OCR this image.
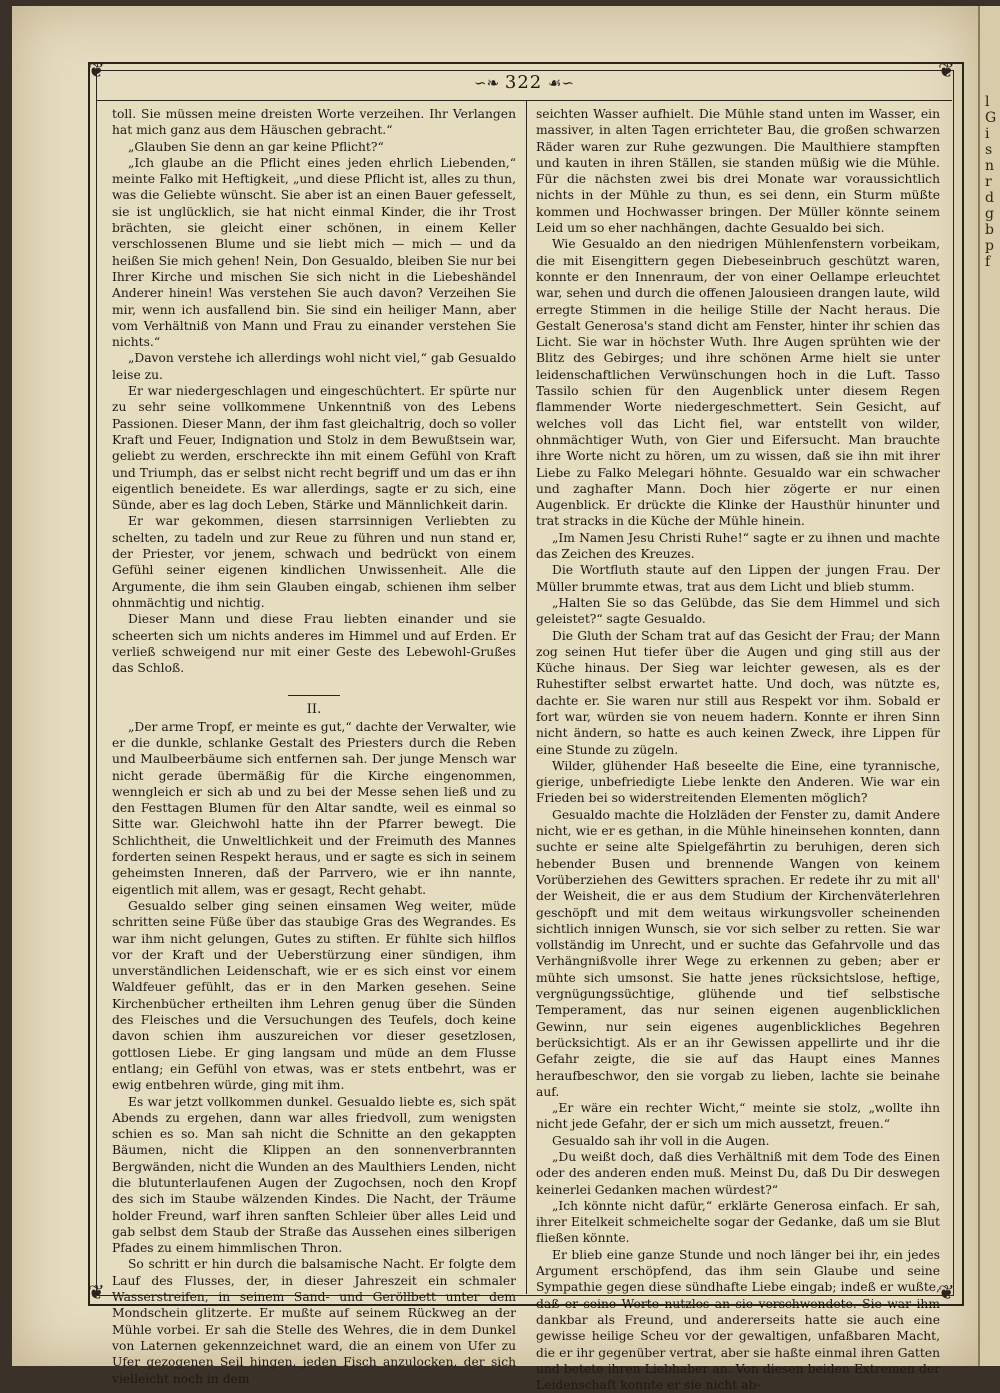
l
G
i
s
n
r
d
g
b
p
f
❦	❦
❦	❦
∽❧ 322 ☙∽

toll. Sie müssen meine dreisten Worte verzeihen. Ihr Verlangen hat mich ganz aus dem Häuschen gebracht.“

„Glauben Sie denn an gar keine Pflicht?“

„Ich glaube an die Pflicht eines jeden ehrlich Liebenden,“ meinte Falko mit Heftigkeit, „und diese Pflicht ist, alles zu thun, was die Geliebte wünscht. Sie aber ist an einen Bauer gefesselt, sie ist unglücklich, sie hat nicht einmal Kinder, die ihr Trost brächten, sie gleicht einer schönen, in einem Keller verschlossenen Blume und sie liebt mich — mich — und da heißen Sie mich gehen! Nein, Don Gesualdo, bleiben Sie nur bei Ihrer Kirche und mischen Sie sich nicht in die Liebeshändel Anderer hinein! Was verstehen Sie auch davon? Verzeihen Sie mir, wenn ich ausfallend bin. Sie sind ein heiliger Mann, aber vom Verhältniß von Mann und Frau zu einander verstehen Sie nichts.“

„Davon verstehe ich allerdings wohl nicht viel,“ gab Gesualdo leise zu.

Er war niedergeschlagen und eingeschüchtert. Er spürte nur zu sehr seine vollkommene Unkenntniß von des Lebens Passionen. Dieser Mann, der ihm fast gleichaltrig, doch so voller Kraft und Feuer, Indignation und Stolz in dem Bewußtsein war, geliebt zu werden, erschreckte ihn mit einem Gefühl von Kraft und Triumph, das er selbst nicht recht begriff und um das er ihn eigentlich beneidete. Es war allerdings, sagte er zu sich, eine Sünde, aber es lag doch Leben, Stärke und Männlichkeit darin.

Er war gekommen, diesen starrsinnigen Verliebten zu schelten, zu tadeln und zur Reue zu führen und nun stand er, der Priester, vor jenem, schwach und bedrückt von einem Gefühl seiner eigenen kindlichen Unwissenheit. Alle die Argumente, die ihm sein Glauben eingab, schienen ihm selber ohnmächtig und nichtig.

Dieser Mann und diese Frau liebten einander und sie scheerten sich um nichts anderes im Himmel und auf Erden. Er verließ schweigend nur mit einer Geste des Lebewohl-Grußes das Schloß.

II.

„Der arme Tropf, er meinte es gut,“ dachte der Verwalter, wie er die dunkle, schlanke Gestalt des Priesters durch die Reben und Maulbeerbäume sich entfernen sah. Der junge Mensch war nicht gerade übermäßig für die Kirche eingenommen, wenngleich er sich ab und zu bei der Messe sehen ließ und zu den Festtagen Blumen für den Altar sandte, weil es einmal so Sitte war. Gleichwohl hatte ihn der Pfarrer bewegt. Die Schlichtheit, die Unweltlichkeit und der Freimuth des Mannes forderten seinen Respekt heraus, und er sagte es sich in seinem geheimsten Inneren, daß der Parrvero, wie er ihn nannte, eigentlich mit allem, was er gesagt, Recht gehabt.

Gesualdo selber ging seinen einsamen Weg weiter, müde schritten seine Füße über das staubige Gras des Wegrandes. Es war ihm nicht gelungen, Gutes zu stiften. Er fühlte sich hilflos vor der Kraft und der Ueberstürzung einer sündigen, ihm unverständlichen Leidenschaft, wie er es sich einst vor einem Waldfeuer gefühlt, das er in den Marken gesehen. Seine Kirchenbücher ertheilten ihm Lehren genug über die Sünden des Fleisches und die Versuchungen des Teufels, doch keine davon schien ihm auszureichen vor dieser gesetzlosen, gottlosen Liebe. Er ging langsam und müde an dem Flusse entlang; ein Gefühl von etwas, was er stets entbehrt, was er ewig entbehren würde, ging mit ihm.

Es war jetzt vollkommen dunkel. Gesualdo liebte es, sich spät Abends zu ergehen, dann war alles friedvoll, zum wenigsten schien es so. Man sah nicht die Schnitte an den gekappten Bäumen, nicht die Klippen an den sonnenverbrannten Bergwänden, nicht die Wunden an des Maulthiers Lenden, nicht die blutunterlaufenen Augen der Zugochsen, noch den Kropf des sich im Staube wälzenden Kindes. Die Nacht, der Träume holder Freund, warf ihren sanften Schleier über alles Leid und gab selbst dem Staub der Straße das Aussehen eines silberigen Pfades zu einem himmlischen Thron.

So schritt er hin durch die balsamische Nacht. Er folgte dem Lauf des Flusses, der, in dieser Jahreszeit ein schmaler Wasserstreifen, in seinem Sand- und Geröllbett unter dem Mondschein glitzerte. Er mußte auf seinem Rückweg an der Mühle vorbei. Er sah die Stelle des Wehres, die in dem Dunkel von Laternen gekennzeichnet ward, die an einem von Ufer zu Ufer gezogenen Seil hingen, jeden Fisch anzulocken, der sich vielleicht noch in dem

seichten Wasser aufhielt. Die Mühle stand unten im Wasser, ein massiver, in alten Tagen errichteter Bau, die großen schwarzen Räder waren zur Ruhe gezwungen. Die Maulthiere stampften und kauten in ihren Ställen, sie standen müßig wie die Mühle. Für die nächsten zwei bis drei Monate war voraussichtlich nichts in der Mühle zu thun, es sei denn, ein Sturm müßte kommen und Hochwasser bringen. Der Müller könnte seinem Leid um so eher nachhängen, dachte Gesualdo bei sich.

Wie Gesualdo an den niedrigen Mühlenfenstern vorbeikam, die mit Eisengittern gegen Diebeseinbruch geschützt waren, konnte er den Innenraum, der von einer Oellampe erleuchtet war, sehen und durch die offenen Jalousieen drangen laute, wild erregte Stimmen in die heilige Stille der Nacht heraus. Die Gestalt Generosa's stand dicht am Fenster, hinter ihr schien das Licht. Sie war in höchster Wuth. Ihre Augen sprühten wie der Blitz des Gebirges; und ihre schönen Arme hielt sie unter leidenschaftlichen Verwünschungen hoch in die Luft. Tasso Tassilo schien für den Augenblick unter diesem Regen flammender Worte niedergeschmettert. Sein Gesicht, auf welches voll das Licht fiel, war entstellt von wilder, ohnmächtiger Wuth, von Gier und Eifersucht. Man brauchte ihre Worte nicht zu hören, um zu wissen, daß sie ihn mit ihrer Liebe zu Falko Melegari höhnte. Gesualdo war ein schwacher und zaghafter Mann. Doch hier zögerte er nur einen Augenblick. Er drückte die Klinke der Hausthür hinunter und trat stracks in die Küche der Mühle hinein.

„Im Namen Jesu Christi Ruhe!“ sagte er zu ihnen und machte das Zeichen des Kreuzes.

Die Wortfluth staute auf den Lippen der jungen Frau. Der Müller brummte etwas, trat aus dem Licht und blieb stumm.

„Halten Sie so das Gelübde, das Sie dem Himmel und sich geleistet?“ sagte Gesualdo.

Die Gluth der Scham trat auf das Gesicht der Frau; der Mann zog seinen Hut tiefer über die Augen und ging still aus der Küche hinaus. Der Sieg war leichter gewesen, als es der Ruhestifter selbst erwartet hatte. Und doch, was nützte es, dachte er. Sie waren nur still aus Respekt vor ihm. Sobald er fort war, würden sie von neuem hadern. Konnte er ihren Sinn nicht ändern, so hatte es auch keinen Zweck, ihre Lippen für eine Stunde zu zügeln.

Wilder, glühender Haß beseelte die Eine, eine tyrannische, gierige, unbefriedigte Liebe lenkte den Anderen. Wie war ein Frieden bei so widerstreitenden Elementen möglich?

Gesualdo machte die Holzläden der Fenster zu, damit Andere nicht, wie er es gethan, in die Mühle hineinsehen konnten, dann suchte er seine alte Spielgefährtin zu beruhigen, deren sich hebender Busen und brennende Wangen von keinem Vorüberziehen des Gewitters sprachen. Er redete ihr zu mit all' der Weisheit, die er aus dem Studium der Kirchenväterlehren geschöpft und mit dem weitaus wirkungsvoller scheinenden sichtlich innigen Wunsch, sie vor sich selber zu retten. Sie war vollständig im Unrecht, und er suchte das Gefahrvolle und das Verhängnißvolle ihrer Wege zu erkennen zu geben; aber er mühte sich umsonst. Sie hatte jenes rücksichtslose, heftige, vergnügungssüchtige, glühende und tief selbstische Temperament, das nur seinen eigenen augenblicklichen Gewinn, nur sein eigenes augenblickliches Begehren berücksichtigt. Als er an ihr Gewissen appellirte und ihr die Gefahr zeigte, die sie auf das Haupt eines Mannes heraufbeschwor, den sie vorgab zu lieben, lachte sie beinahe auf.

„Er wäre ein rechter Wicht,“ meinte sie stolz, „wollte ihn nicht jede Gefahr, der er sich um mich aussetzt, freuen.“

Gesualdo sah ihr voll in die Augen.

„Du weißt doch, daß dies Verhältniß mit dem Tode des Einen oder des anderen enden muß. Meinst Du, daß Du Dir deswegen keinerlei Gedanken machen würdest?“

„Ich könnte nicht dafür,“ erklärte Generosa einfach. Er sah, ihrer Eitelkeit schmeichelte sogar der Gedanke, daß um sie Blut fließen könnte.

Er blieb eine ganze Stunde und noch länger bei ihr, ein jedes Argument erschöpfend, das ihm sein Glaube und seine Sympathie gegen diese sündhafte Liebe eingab; indeß er wußte, daß er seine Worte nutzlos an sie verschwendete. Sie war ihm dankbar als Freund, und andererseits hatte sie auch eine gewisse heilige Scheu vor der gewaltigen, unfaßbaren Macht, die er ihr gegenüber vertrat, aber sie haßte einmal ihren Gatten und betete ihren Liebhaber an. Von diesen beiden Extremen der Leidenschaft konnte er sie nicht ab-
